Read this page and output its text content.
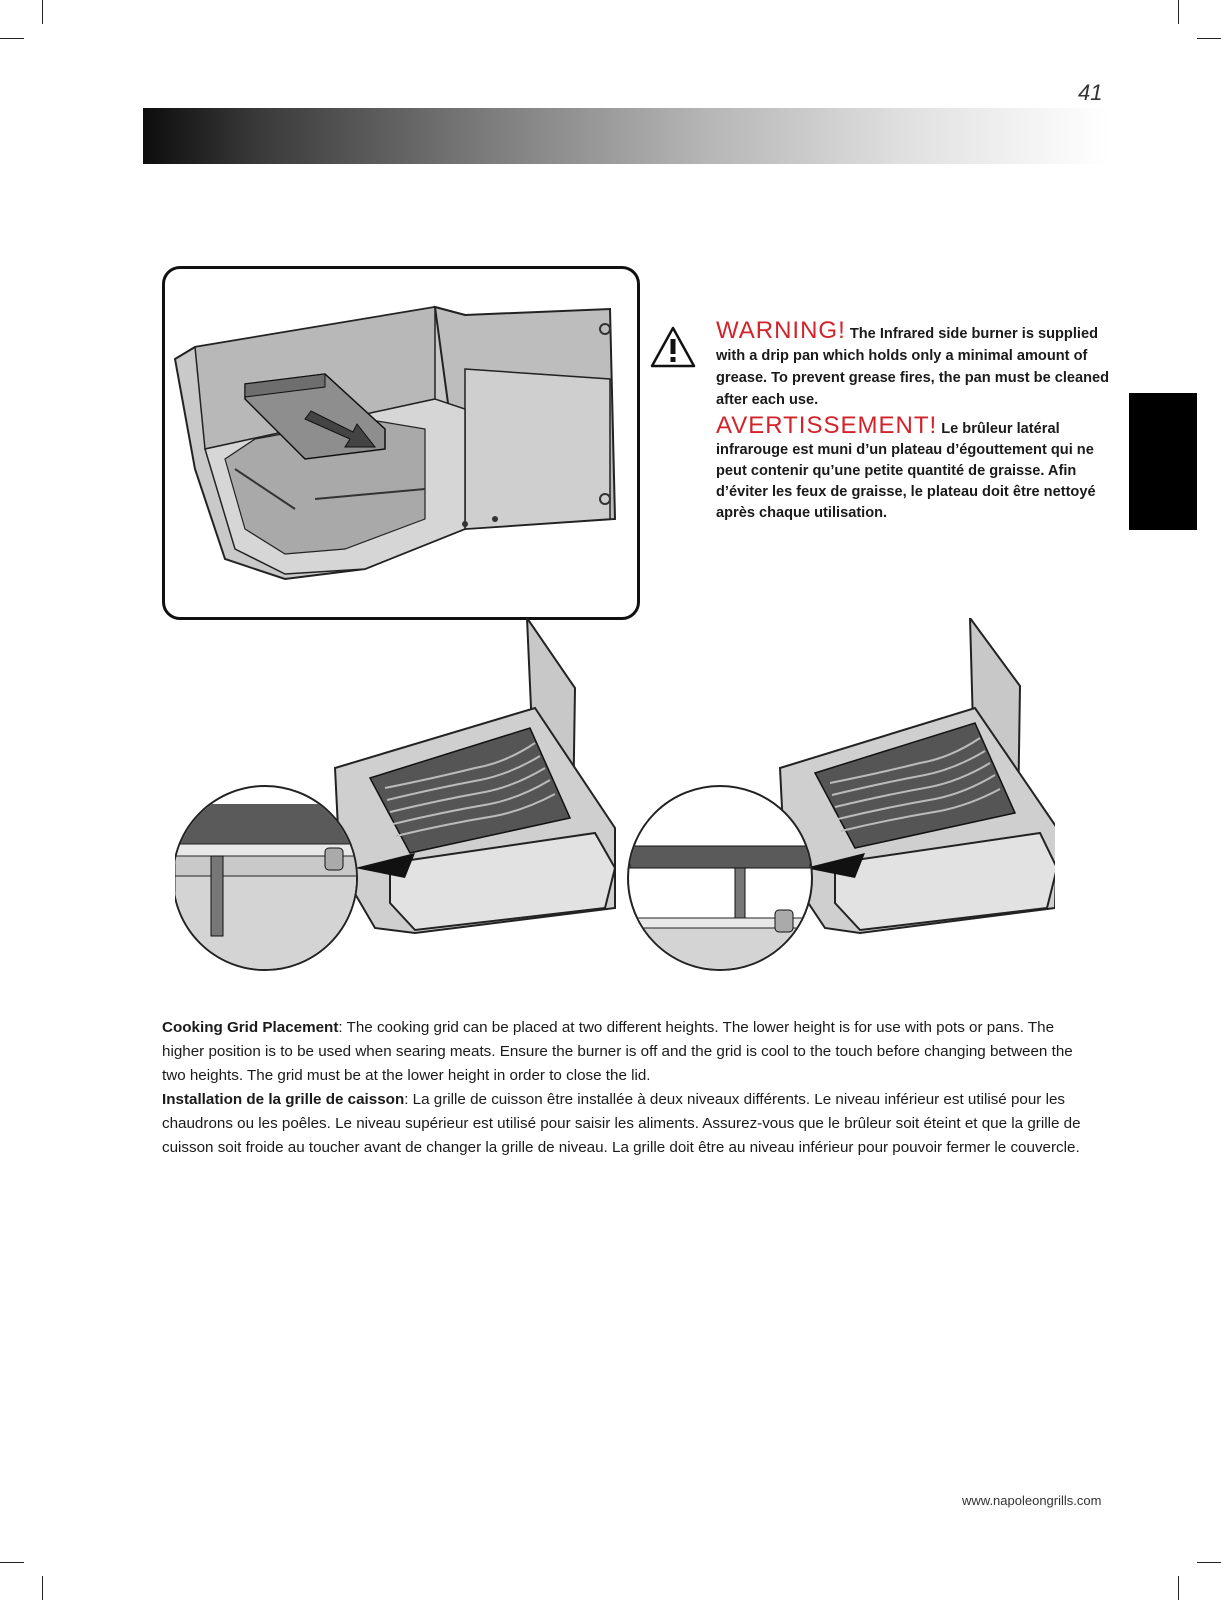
41
WARNING! The Infrared side burner is supplied with a drip pan which holds only a minimal amount of grease. To prevent grease fires, the pan must be cleaned after each use.
AVERTISSEMENT! Le brûleur latéral infrarouge est muni d’un plateau d’égouttement qui ne peut contenir qu’une petite quantité de graisse. Afin d’éviter les feux de graisse, le plateau doit être nettoyé après chaque utilisation.
Cooking Grid Placement: The cooking grid can be placed at two different heights. The lower height is for use with pots or pans. The higher position is to be used when searing meats. Ensure the burner is off and the grid is cool to the touch before changing between the two heights. The grid must be at the lower height in order to close the lid.
Installation de la grille de caisson: La grille de cuisson être installée à deux niveaux différents. Le niveau inférieur est utilisé pour les chaudrons ou les poêles. Le niveau supérieur est utilisé pour saisir les aliments. Assurez-vous que le brûleur soit éteint et que la grille de cuisson soit froide au toucher avant de changer la grille de niveau. La grille doit être au niveau inférieur pour pouvoir fermer le couvercle.
www.napoleongrills.com
